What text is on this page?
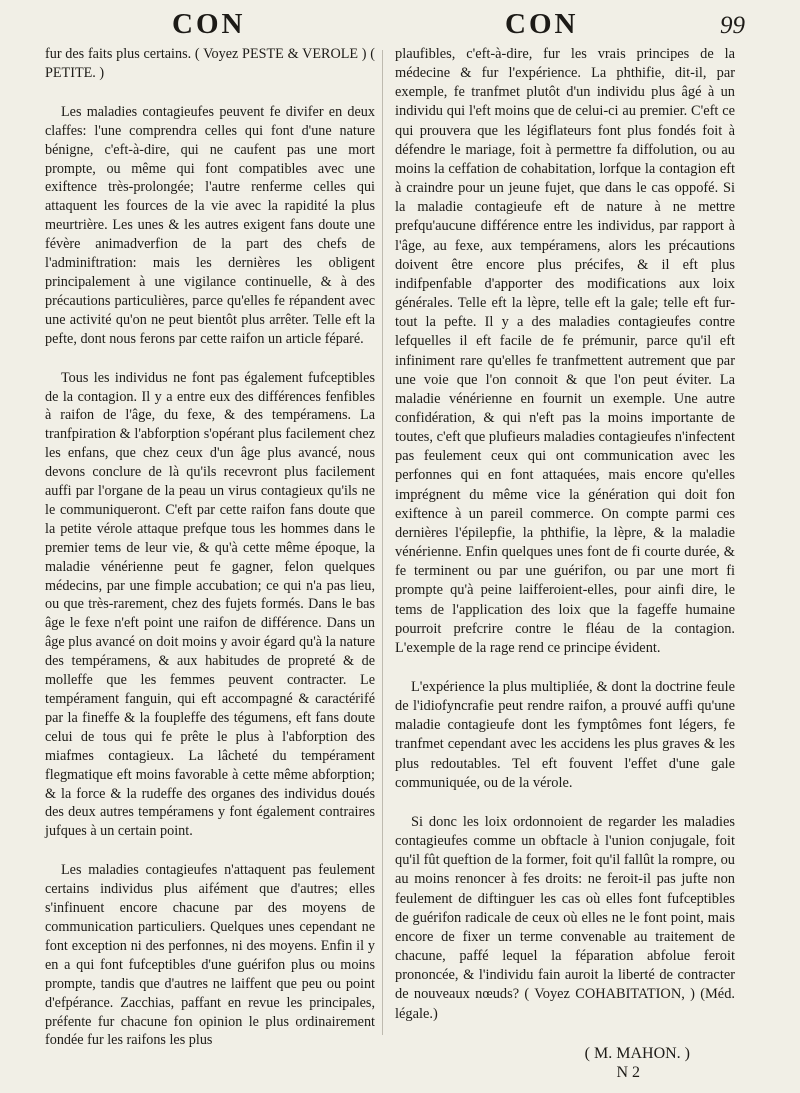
CON	CON	99

fur des faits plus certains. ( Voyez PESTE & VEROLE ) ( PETITE. )

Les maladies contagieufes peuvent fe divifer en deux claffes: l'une comprendra celles qui font d'une nature bénigne, c'eft-à-dire, qui ne caufent pas une mort prompte, ou même qui font compatibles avec une exiftence très-prolongée; l'autre renferme celles qui attaquent les fources de la vie avec la rapidité la plus meurtrière. Les unes & les autres exigent fans doute une févère animadverfion de la part des chefs de l'adminiftration: mais les dernières les obligent principalement à une vigilance continuelle, & à des précautions particulières, parce qu'elles fe répandent avec une activité qu'on ne peut bientôt plus arrêter. Telle eft la pefte, dont nous ferons par cette raifon un article féparé.

Tous les individus ne font pas également fufceptibles de la contagion. Il y a entre eux des différences fenfibles à raifon de l'âge, du fexe, & des tempéramens. La tranfpiration & l'abforption s'opérant plus facilement chez les enfans, que chez ceux d'un âge plus avancé, nous devons conclure de là qu'ils recevront plus facilement auffi par l'organe de la peau un virus contagieux qu'ils ne le communiqueront. C'eft par cette raifon fans doute que la petite vérole attaque prefque tous les hommes dans le premier tems de leur vie, & qu'à cette même époque, la maladie vénérienne peut fe gagner, felon quelques médecins, par une fimple accubation; ce qui n'a pas lieu, ou que très-rarement, chez des fujets formés. Dans le bas âge le fexe n'eft point une raifon de différence. Dans un âge plus avancé on doit moins y avoir égard qu'à la nature des tempéramens, & aux habitudes de propreté & de molleffe que les femmes peuvent contracter. Le tempérament fanguin, qui eft accompagné & caractérifé par la fineffe & la foupleffe des tégumens, eft fans doute celui de tous qui fe prête le plus à l'abforption des miafmes contagieux. La lâcheté du tempérament flegmatique eft moins favorable à cette même abforption; & la force & la rudeffe des organes des individus doués des deux autres tempéramens y font également contraires jufques à un certain point.

Les maladies contagieufes n'attaquent pas feulement certains individus plus aifément que d'autres; elles s'infinuent encore chacune par des moyens de communication particuliers. Quelques unes cependant ne font exception ni des perfonnes, ni des moyens. Enfin il y en a qui font fufceptibles d'une guérifon plus ou moins prompte, tandis que d'autres ne laiffent que peu ou point d'efpérance. Zacchias, paffant en revue les principales, préfente fur chacune fon opinion le plus ordinairement fondée fur les raifons les plus

plaufibles, c'eft-à-dire, fur les vrais principes de la médecine & fur l'expérience. La phthifie, dit-il, par exemple, fe tranfmet plutôt d'un individu plus âgé à un individu qui l'eft moins que de celui-ci au premier. C'eft ce qui prouvera que les légiflateurs font plus fondés foit à défendre le mariage, foit à permettre fa diffolution, ou au moins la ceffation de cohabitation, lorfque la contagion eft à craindre pour un jeune fujet, que dans le cas oppofé. Si la maladie contagieufe eft de nature à ne mettre prefqu'aucune différence entre les individus, par rapport à l'âge, au fexe, aux tempéramens, alors les précautions doivent être encore plus précifes, & il eft plus indifpenfable d'apporter des modifications aux loix générales. Telle eft la lèpre, telle eft la gale; telle eft fur-tout la pefte. Il y a des maladies contagieufes contre lefquelles il eft facile de fe prémunir, parce qu'il eft infiniment rare qu'elles fe tranfmettent autrement que par une voie que l'on connoit & que l'on peut éviter. La maladie vénérienne en fournit un exemple. Une autre confidération, & qui n'eft pas la moins importante de toutes, c'eft que plufieurs maladies contagieufes n'infectent pas feulement ceux qui ont communication avec les perfonnes qui en font attaquées, mais encore qu'elles imprégnent du même vice la génération qui doit fon exiftence à un pareil commerce. On compte parmi ces dernières l'épilepfie, la phthifie, la lèpre, & la maladie vénérienne. Enfin quelques unes font de fi courte durée, & fe terminent ou par une guérifon, ou par une mort fi prompte qu'à peine laifferoient-elles, pour ainfi dire, le tems de l'application des loix que la fageffe humaine pourroit prefcrire contre le fléau de la contagion. L'exemple de la rage rend ce principe évident.

L'expérience la plus multipliée, & dont la doctrine feule de l'idiofyncrafie peut rendre raifon, a prouvé auffi qu'une maladie contagieufe dont les fymptômes font légers, fe tranfmet cependant avec les accidens les plus graves & les plus redoutables. Tel eft fouvent l'effet d'une gale communiquée, ou de la vérole.

Si donc les loix ordonnoient de regarder les maladies contagieufes comme un obftacle à l'union conjugale, foit qu'il fût queftion de la former, foit qu'il fallût la rompre, ou au moins renoncer à fes droits: ne feroit-il pas jufte non feulement de diftinguer les cas où elles font fufceptibles de guérifon radicale de ceux où elles ne le font point, mais encore de fixer un terme convenable au traitement de chacune, paffé lequel la féparation abfolue feroit prononcée, & l'individu fain auroit la liberté de contracter de nouveaux nœuds? ( Voyez COHABITATION, ) (Méd. légale.)

( M. MAHON. )
N 2
